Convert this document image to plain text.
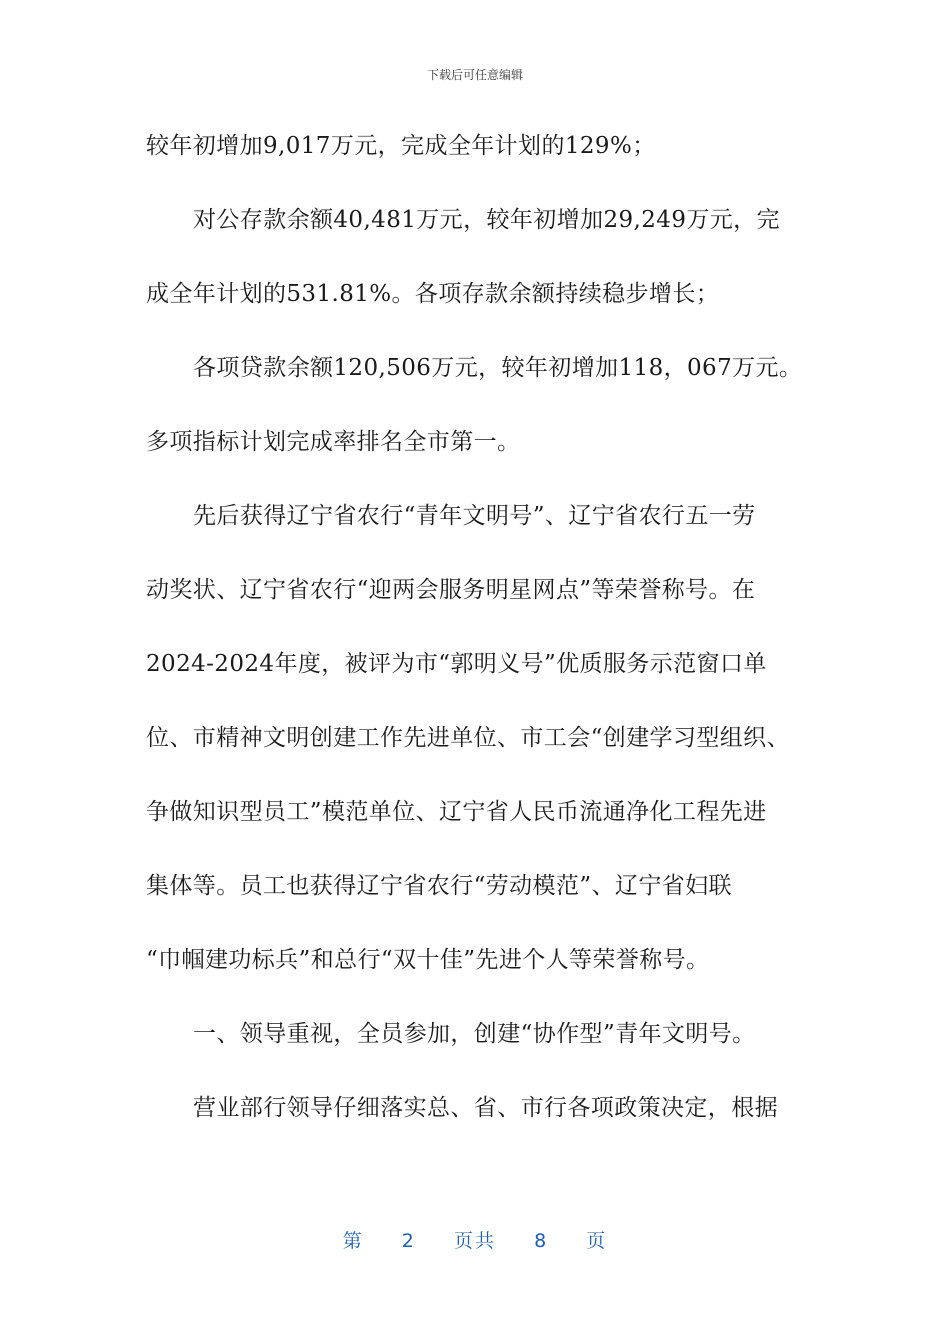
下载后可任意编辑
较年初增加9,017万元，完成全年计划的129%；
对公存款余额40,481万元，较年初增加29,249万元，完
成全年计划的531.81%。各项存款余额持续稳步增长；
各项贷款余额120,506万元，较年初增加118，067万元。
多项指标计划完成率排名全市第一。
先后获得辽宁省农行“青年文明号”、辽宁省农行五一劳
动奖状、辽宁省农行“迎两会服务明星网点”等荣誉称号。在
2024-2024年度，被评为市“郭明义号”优质服务示范窗口单
位、市精神文明创建工作先进单位、市工会“创建学习型组织、
争做知识型员工”模范单位、辽宁省人民币流通净化工程先进
集体等。员工也获得辽宁省农行“劳动模范”、辽宁省妇联
“巾帼建功标兵”和总行“双十佳”先进个人等荣誉称号。
一、领导重视，全员参加，创建“协作型”青年文明号。
营业部行领导仔细落实总、省、市行各项政策决定，根据
第 2 页共 8 页
